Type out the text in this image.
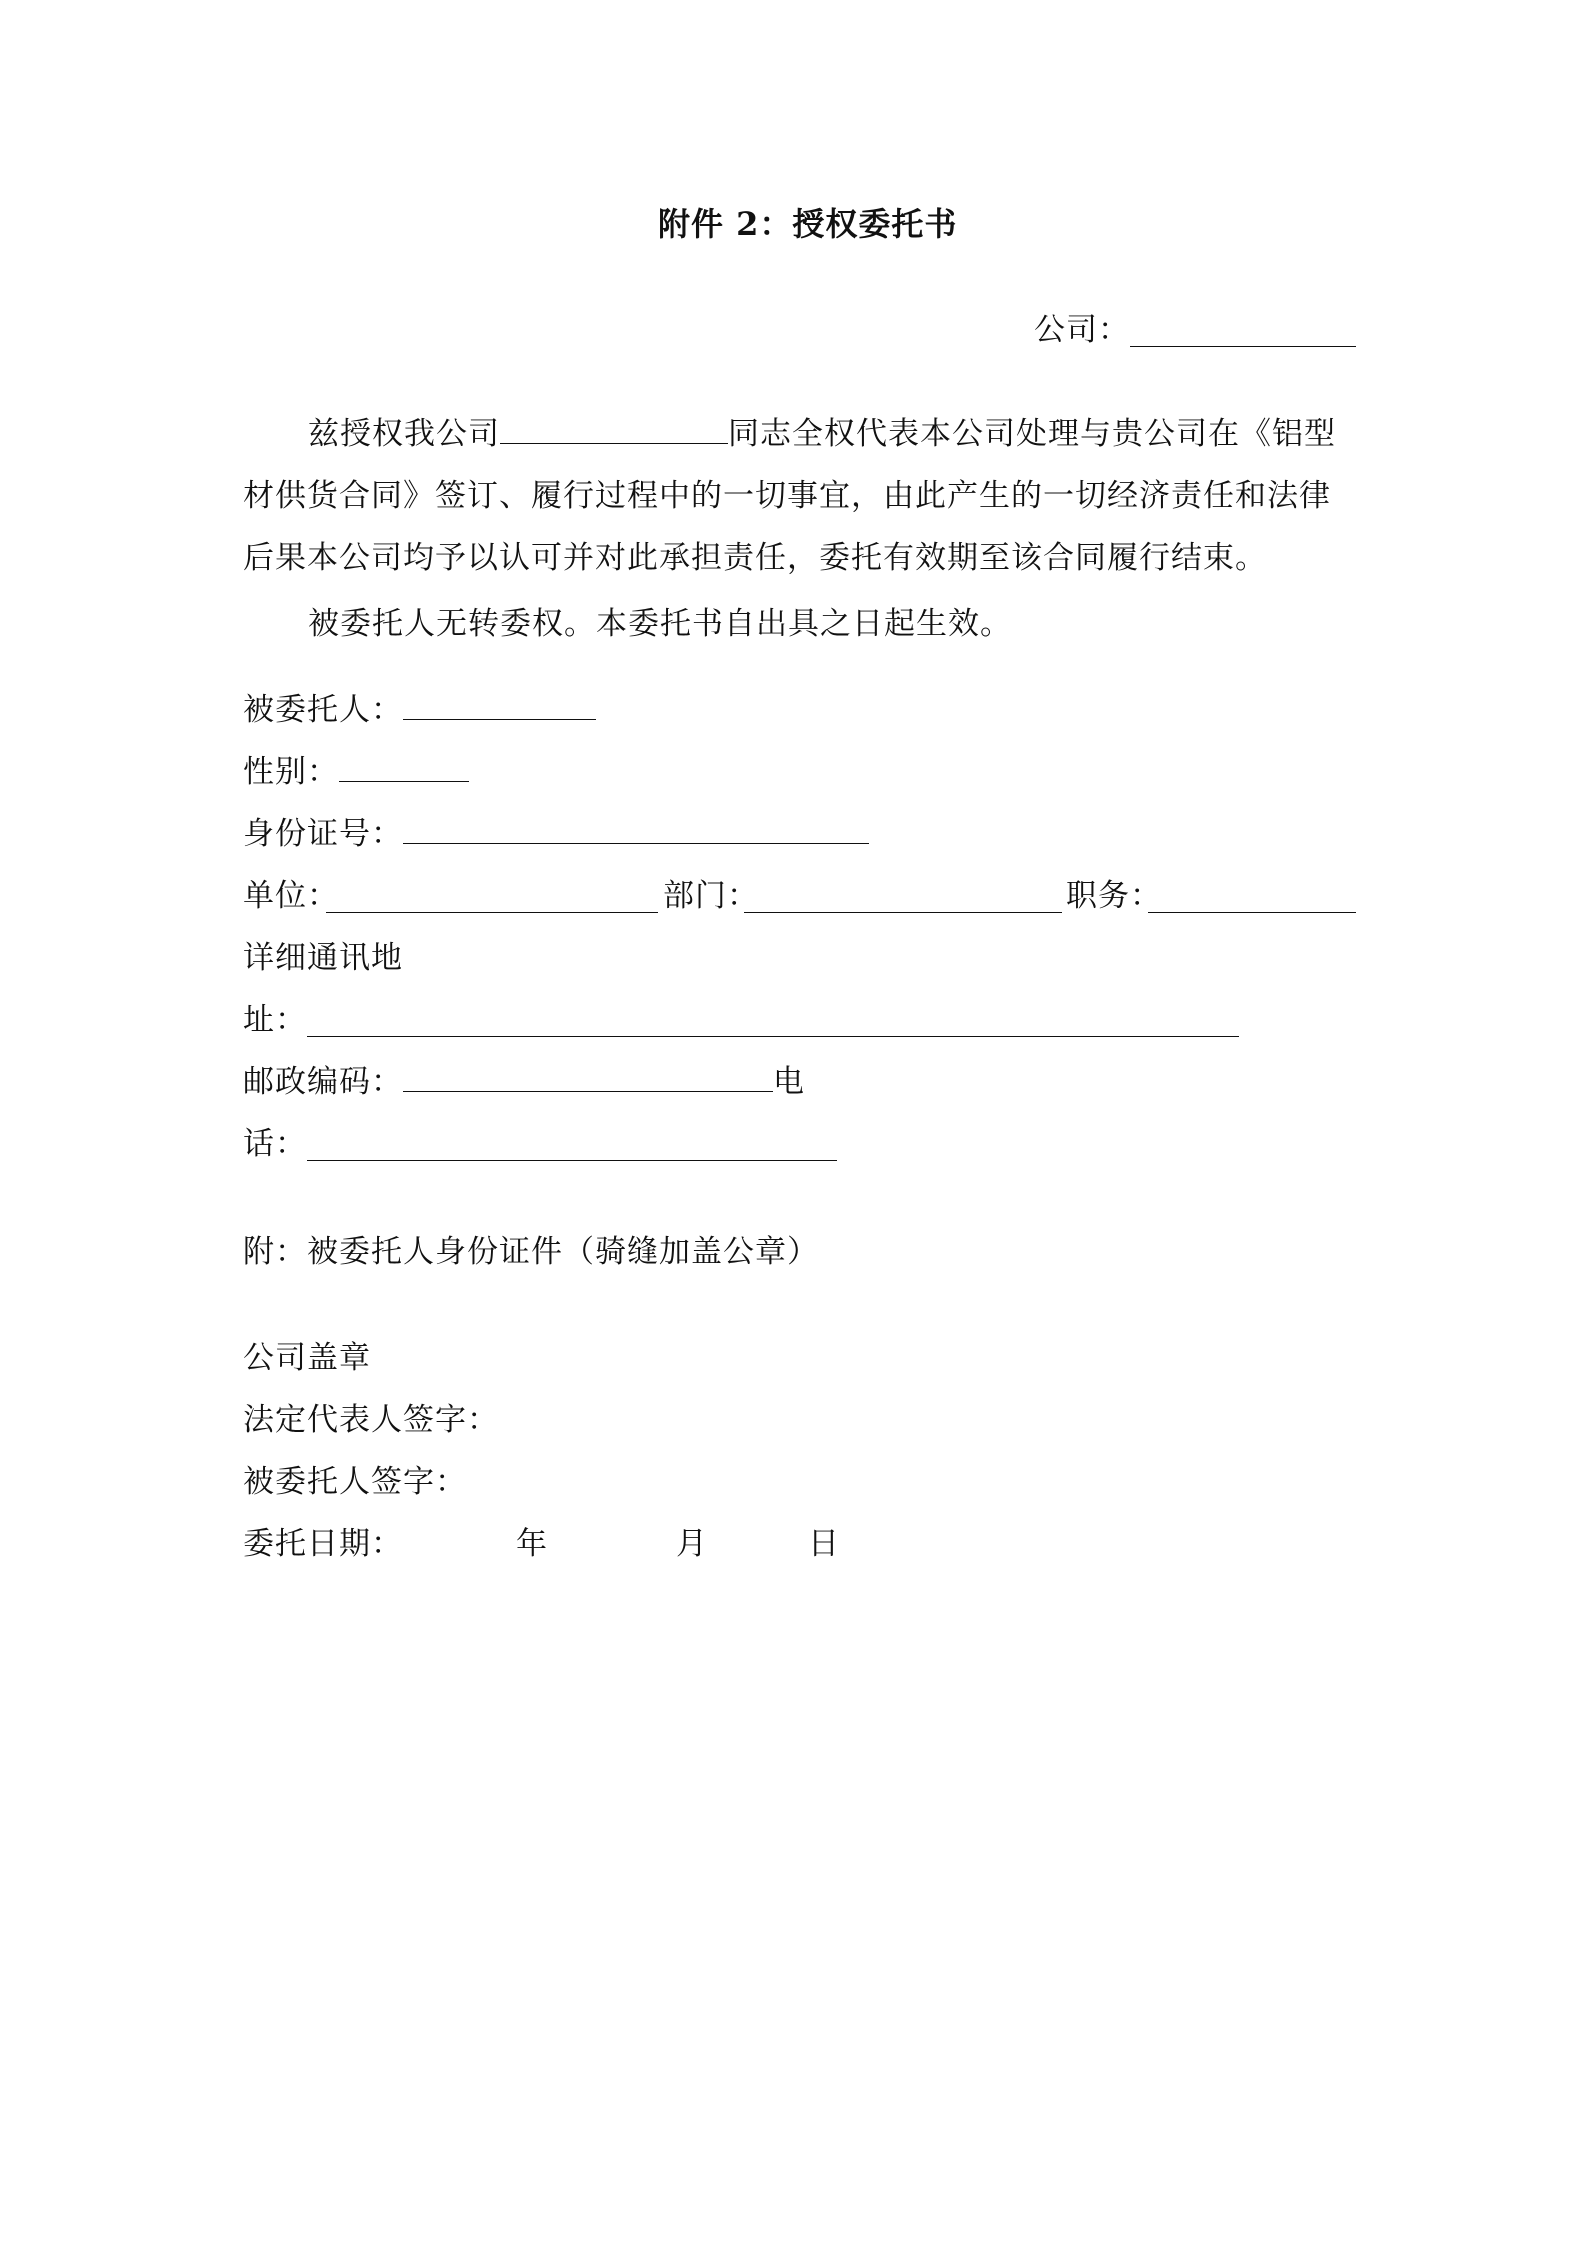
附件 2：授权委托书
公司：
兹授权我公司	同志全权代表本公司处理与贵公司在《铝型
材供货合同》签订、履行过程中的一切事宜，由此产生的一切经济责任和法律
后果本公司均予以认可并对此承担责任，委托有效期至该合同履行结束。
被委托人无转委权。本委托书自出具之日起生效。
被委托人：
性别：
身份证号：
单位：	部门：	职务：
详细通讯地
址：
邮政编码：	电
话：
附：被委托人身份证件（骑缝加盖公章）
公司盖章
法定代表人签字：
被委托人签字：
委托日期：	年	月	日
